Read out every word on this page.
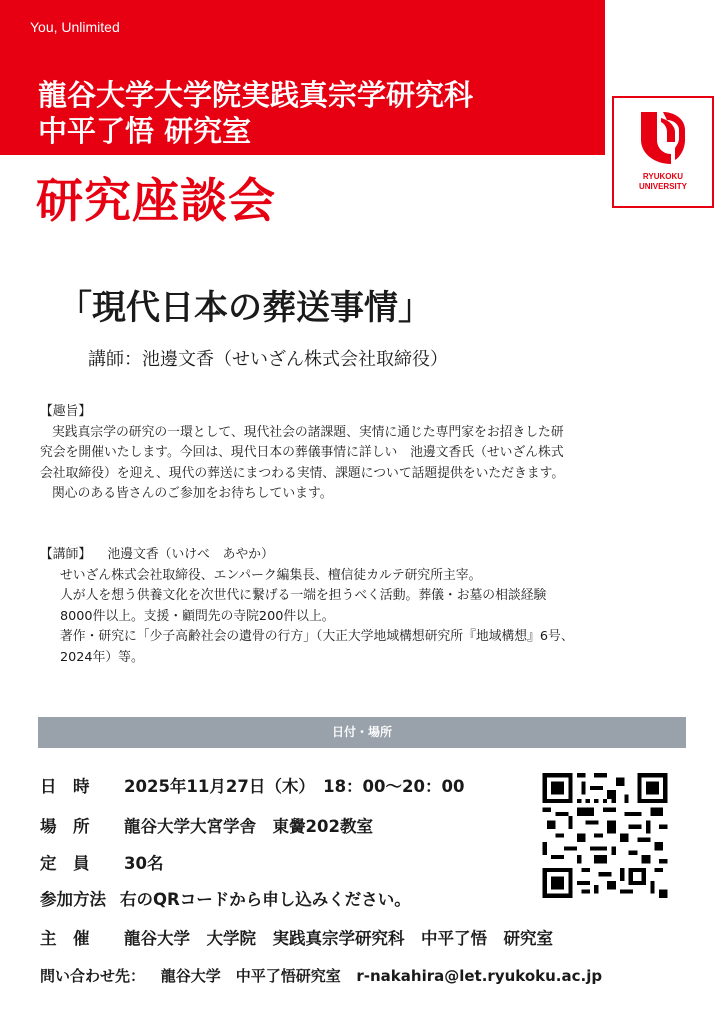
You, Unlimited
龍谷大学大学院実践真宗学研究科
中平了悟 研究室
RYUKOKU
UNIVERSITY
研究座談会
「現代日本の葬送事情」
講師：池邊文香（せいざん株式会社取締役）

【趣旨】

実践真宗学の研究の一環として、現代社会の諸課題、実情に通じた専門家をお招きした研

究会を開催いたします。今回は、現代日本の葬儀事情に詳しい　池邊文香氏（せいざん株式

会社取締役）を迎え、現代の葬送にまつわる実情、課題について話題提供をいただきます。

関心のある皆さんのご参加をお待ちしています。

【講師】 池邊文香（いけべ　あやか）

せいざん株式会社取締役、エンパーク編集長、檀信徒カルテ研究所主宰。

人が人を想う供養文化を次世代に繋げる一端を担うべく活動。葬儀・お墓の相談経験

8000件以上。支援・顧問先の寺院200件以上。

著作・研究に「少子高齢社会の遺骨の行方」（大正大学地域構想研究所『地域構想』6号、

2024年）等。

日付・場所
日　時 2025年11月27日（木）　18：00〜20：00
場　所 龍谷大学大宮学舎　東黌202教室
定　員 30名
参加方法 右のQRコードから申し込みください。
主　催 龍谷大学　大学院　実践真宗学研究科　中平了悟　研究室
問い合わせ先： 龍谷大学　中平了悟研究室 r-nakahira@let.ryukoku.ac.jp
